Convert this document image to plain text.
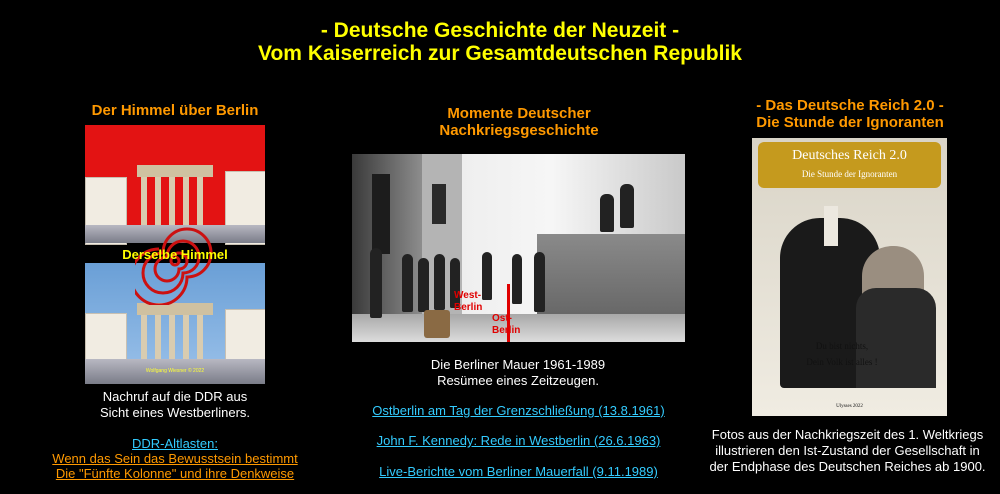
- Deutsche Geschichte der Neuzeit -
Vom Kaiserreich zur Gesamtdeutschen Republik
Der Himmel über Berlin
Derselbe Himmel
Wolfgang Wiesner © 2022
Nachruf auf die DDR aus
Sicht eines Westberliners.
DDR-Altlasten:
Wenn das Sein das Bewusstsein bestimmt
Die "Fünfte Kolonne" und ihre Denkweise
Momente Deutscher
Nachkriegsgeschichte
West-
Berlin
Ost-
Berlin
Die Berliner Mauer 1961-1989
Resümee eines Zeitzeugen.
Ostberlin am Tag der Grenzschließung (13.8.1961)
John F. Kennedy: Rede in Westberlin (26.6.1963)
Live-Berichte vom Berliner Mauerfall (9.11.1989)
- Das Deutsche Reich 2.0 -
Die Stunde der Ignoranten
Deutsches Reich 2.0
Die Stunde der Ignoranten
Du bist nichts,
Dein Volk ist alles !
Ulysses 2022
Fotos aus der Nachkriegszeit des 1. Weltkriegs
illustrieren den Ist-Zustand der Gesellschaft in
der Endphase des Deutschen Reiches ab 1900.
